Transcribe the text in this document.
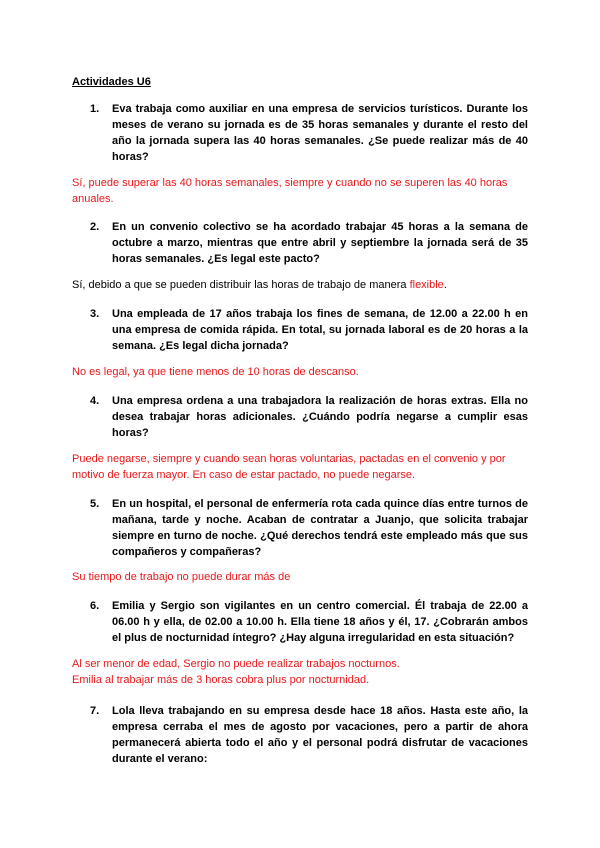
Actividades U6
1.	Eva trabaja como auxiliar en una empresa de servicios turísticos. Durante los meses de verano su jornada es de 35 horas semanales y durante el resto del año la jornada supera las 40 horas semanales. ¿Se puede realizar más de 40 horas?
Sí, puede superar las 40 horas semanales, siempre y cuando no se superen las 40 horas anuales.
2.	En un convenio colectivo se ha acordado trabajar 45 horas a la semana de octubre a marzo, mientras que entre abril y septiembre la jornada será de 35 horas semanales. ¿Es legal este pacto?
Sí, debido a que se pueden distribuir las horas de trabajo de manera flexible.
3.	Una empleada de 17 años trabaja los fines de semana, de 12.00 a 22.00 h en una empresa de comida rápida. En total, su jornada laboral es de 20 horas a la semana. ¿Es legal dicha jornada?
No es legal, ya que tiene menos de 10 horas de descanso.
4.	Una empresa ordena a una trabajadora la realización de horas extras. Ella no desea trabajar horas adicionales. ¿Cuándo podría negarse a cumplir esas horas?
Puede negarse, siempre y cuando sean horas voluntarias, pactadas en el convenio y por motivo de fuerza mayor. En caso de estar pactado, no puede negarse.
5.	En un hospital, el personal de enfermería rota cada quince días entre turnos de mañana, tarde y noche. Acaban de contratar a Juanjo, que solicita trabajar siempre en turno de noche. ¿Qué derechos tendrá este empleado más que sus compañeros y compañeras?
Su tiempo de trabajo no puede durar más de
6.	Emilia y Sergio son vigilantes en un centro comercial. Él trabaja de 22.00 a 06.00 h y ella, de 02.00 a 10.00 h. Ella tiene 18 años y él, 17. ¿Cobrarán ambos el plus de nocturnidad íntegro? ¿Hay alguna irregularidad en esta situación?
Al ser menor de edad, Sergio no puede realizar trabajos nocturnos.
Emilia al trabajar más de 3 horas cobra plus por nocturnidad.
7.	Lola lleva trabajando en su empresa desde hace 18 años. Hasta este año, la empresa cerraba el mes de agosto por vacaciones, pero a partir de ahora permanecerá abierta todo el año y el personal podrá disfrutar de vacaciones durante el verano:
